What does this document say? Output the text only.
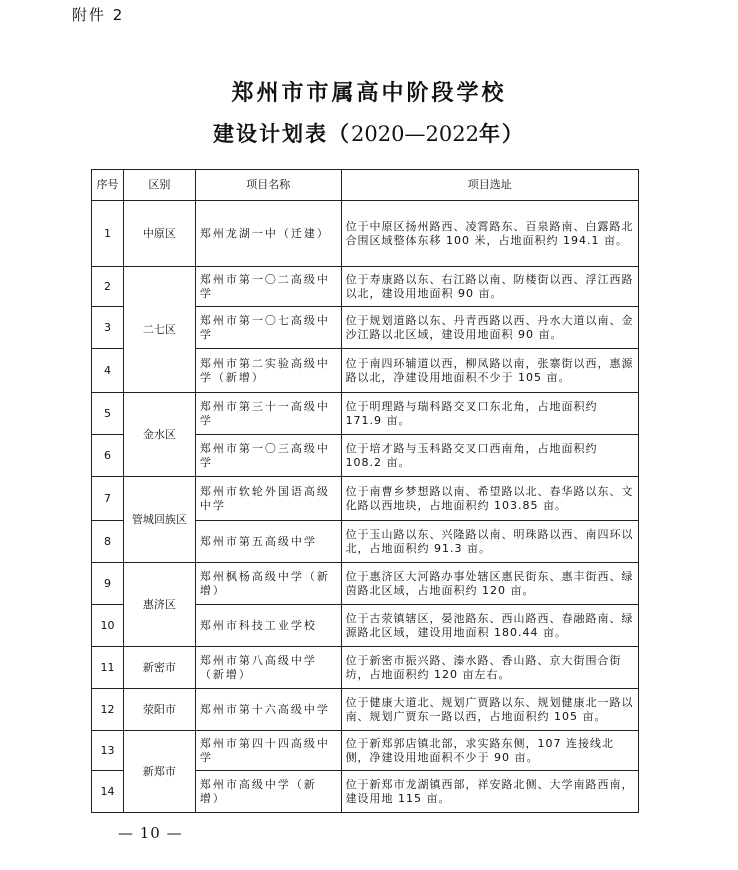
附件 2
郑州市市属高中阶段学校
建设计划表（2020—2022年）
序号	区别	项目名称	项目选址
1	中原区	郑州龙湖一中（迁建）	位于中原区扬州路西、凌霄路东、百泉路南、白露路北合围区域整体东移 100 米，占地面积约 194.1 亩。
2	二七区	郑州市第一〇二高级中学	位于寿康路以东、右江路以南、防楼街以西、浮江西路以北，建设用地面积 90 亩。
3		郑州市第一〇七高级中学	位于规划道路以东、丹青西路以西、丹水大道以南、金沙江路以北区域，建设用地面积 90 亩。
4		郑州市第二实验高级中学（新增）	位于南四环辅道以西，柳凤路以南，张寨街以西，惠源路以北，净建设用地面积不少于 105 亩。
5	金水区	郑州市第三十一高级中学	位于明理路与瑞科路交叉口东北角，占地面积约 171.9 亩。
6		郑州市第一〇三高级中学	位于培才路与玉科路交叉口西南角，占地面积约 108.2 亩。
7	管城回族区	郑州市软轮外国语高级中学	位于南曹乡梦想路以南、希望路以北、春华路以东、文化路以西地块，占地面积约 103.85 亩。
8		郑州市第五高级中学	位于玉山路以东、兴隆路以南、明珠路以西、南四环以北，占地面积约 91.3 亩。
9	惠济区	郑州枫杨高级中学（新增）	位于惠济区大河路办事处辖区惠民街东、惠丰街西、绿茵路北区域，占地面积约 120 亩。
10		郑州市科技工业学校	位于古荥镇辖区，晏池路东、西山路西、春融路南、绿源路北区域，建设用地面积 180.44 亩。
11	新密市	郑州市第八高级中学（新增）	位于新密市振兴路、溱水路、香山路、京大街围合街坊，占地面积约 120 亩左右。
12	荥阳市	郑州市第十六高级中学	位于健康大道北、规划广贾路以东、规划健康北一路以南、规划广贾东一路以西，占地面积约 105 亩。
13	新郑市	郑州市第四十四高级中学	位于新郑郭店镇北部，求实路东侧，107 连接线北侧，净建设用地面积不少于 90 亩。
14		郑州市高级中学（新增）	位于新郑市龙湖镇西部，祥安路北侧、大学南路西南，建设用地 115 亩。
— 10 —
